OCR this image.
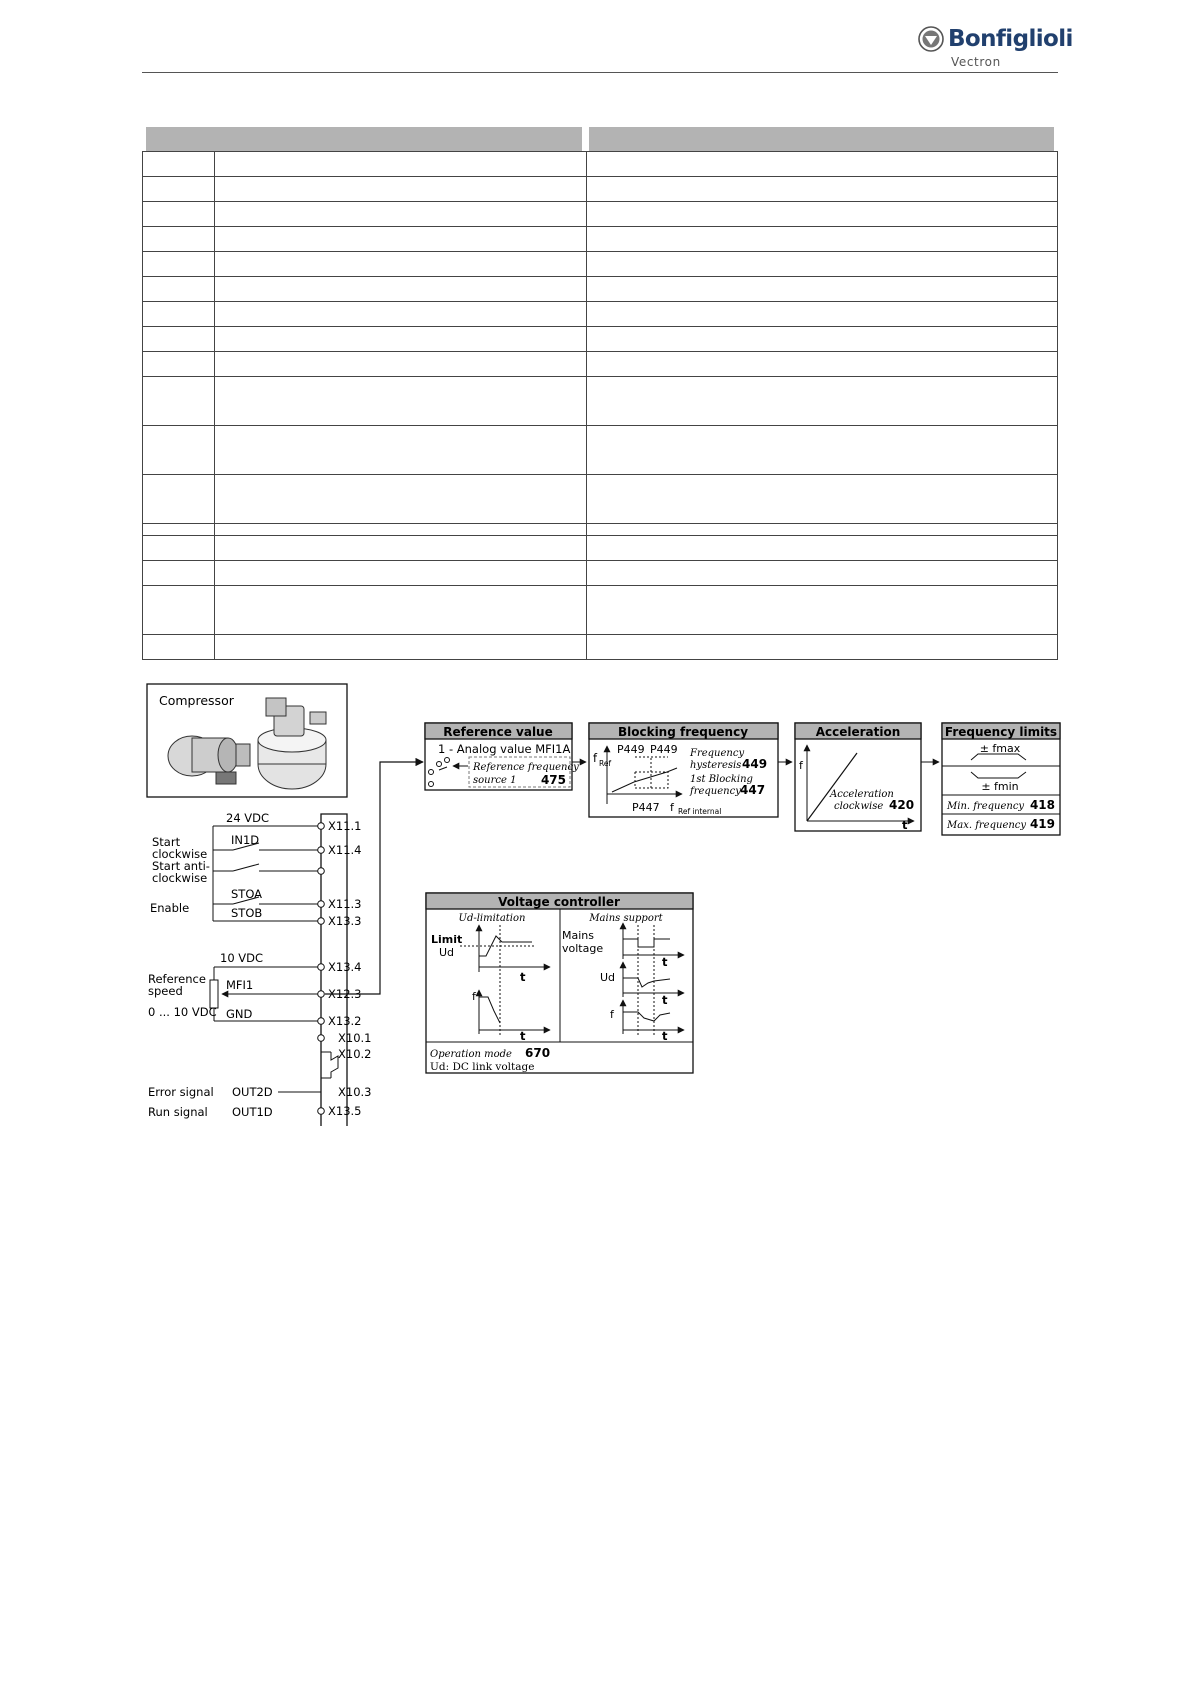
Bonfiglioli
Vectron
Compressor
24 VDC
IN1D
STOA
STOB
Start
clockwise
Start anti-
clockwise
Enable
10 VDC
MFI1
GND
Reference
speed
0 ... 10 VDC
Error signal OUT2D
Run signal OUT1D
X11.1
X11.4
X11.3
X13.3
X13.4
X12.3
X13.2
X10.1
X10.2
X10.3
X13.5
Reference value
1 - Analog value MFI1A
Reference frequency
source 1 475
Blocking frequency
f Ref
P449 P449 Frequency
hysteresis 449
1st Blocking
frequency 447
P447 f Ref internal
Acceleration
f
Acceleration
clockwise 420
t
Frequency limits
± fmax
± fmin
Min. frequency 418
Max. frequency 419
Voltage controller
Ud-limitation	Mains support
Limit
Ud
t
f
t
Mains
voltage
t
Ud
t
f
t
Operation mode 670
Ud: DC link voltage
